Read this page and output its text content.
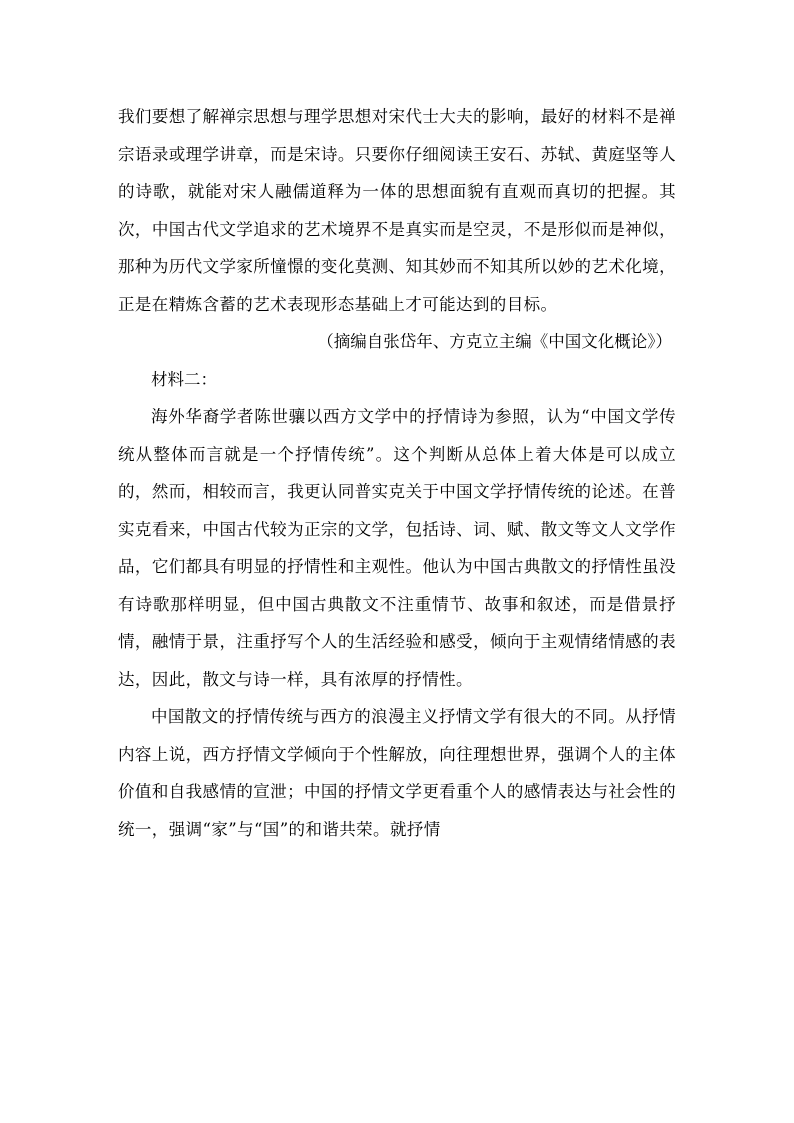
我们要想了解禅宗思想与理学思想对宋代士大夫的影响，最好的材料不是禅宗语录或理学讲章，而是宋诗。只要你仔细阅读王安石、苏轼、黄庭坚等人的诗歌，就能对宋人融儒道释为一体的思想面貌有直观而真切的把握。其次，中国古代文学追求的艺术境界不是真实而是空灵，不是形似而是神似，那种为历代文学家所憧憬的变化莫测、知其妙而不知其所以妙的艺术化境，正是在精炼含蓄的艺术表现形态基础上才可能达到的目标。

（摘编自张岱年、方克立主编《中国文化概论》）

材料二：

海外华裔学者陈世骧以西方文学中的抒情诗为参照，认为“中国文学传统从整体而言就是一个抒情传统”。这个判断从总体上着大体是可以成立的，然而，相较而言，我更认同普实克关于中国文学抒情传统的论述。在普实克看来，中国古代较为正宗的文学，包括诗、词、赋、散文等文人文学作品，它们都具有明显的抒情性和主观性。他认为中国古典散文的抒情性虽没有诗歌那样明显，但中国古典散文不注重情节、故事和叙述，而是借景抒情，融情于景，注重抒写个人的生活经验和感受，倾向于主观情绪情感的表达，因此，散文与诗一样，具有浓厚的抒情性。

中国散文的抒情传统与西方的浪漫主义抒情文学有很大的不同。从抒情内容上说，西方抒情文学倾向于个性解放，向往理想世界，强调个人的主体价值和自我感情的宣泄；中国的抒情文学更看重个人的感情表达与社会性的统一，强调“家”与“国”的和谐共荣。就抒情
